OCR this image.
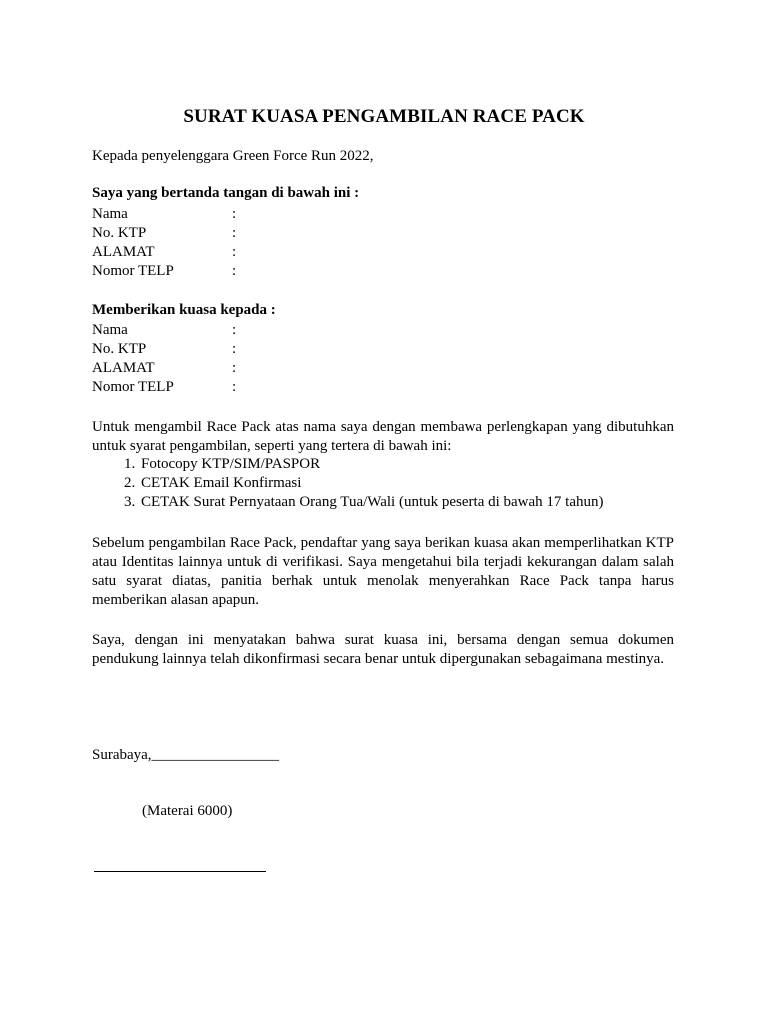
SURAT KUASA PENGAMBILAN RACE PACK
Kepada penyelenggara Green Force Run 2022,
Saya yang bertanda tangan di bawah ini :
Nama	:
No. KTP	:
ALAMAT	:
Nomor TELP	:
Memberikan kuasa kepada :
Nama	:
No. KTP	:
ALAMAT	:
Nomor TELP	:
Untuk mengambil Race Pack atas nama saya dengan membawa perlengkapan yang dibutuhkan untuk syarat pengambilan, seperti yang tertera di bawah ini:
1. Fotocopy KTP/SIM/PASPOR
2. CETAK Email Konfirmasi
3. CETAK Surat Pernyataan Orang Tua/Wali (untuk peserta di bawah 17 tahun)
Sebelum pengambilan Race Pack, pendaftar yang saya berikan kuasa akan memperlihatkan KTP atau Identitas lainnya untuk di verifikasi. Saya mengetahui bila terjadi kekurangan dalam salah satu syarat diatas, panitia berhak untuk menolak menyerahkan Race Pack tanpa harus memberikan alasan apapun.
Saya, dengan ini menyatakan bahwa surat kuasa ini, bersama dengan semua dokumen pendukung lainnya telah dikonfirmasi secara benar untuk dipergunakan sebagaimana mestinya.
Surabaya,_________________
(Materai 6000)
